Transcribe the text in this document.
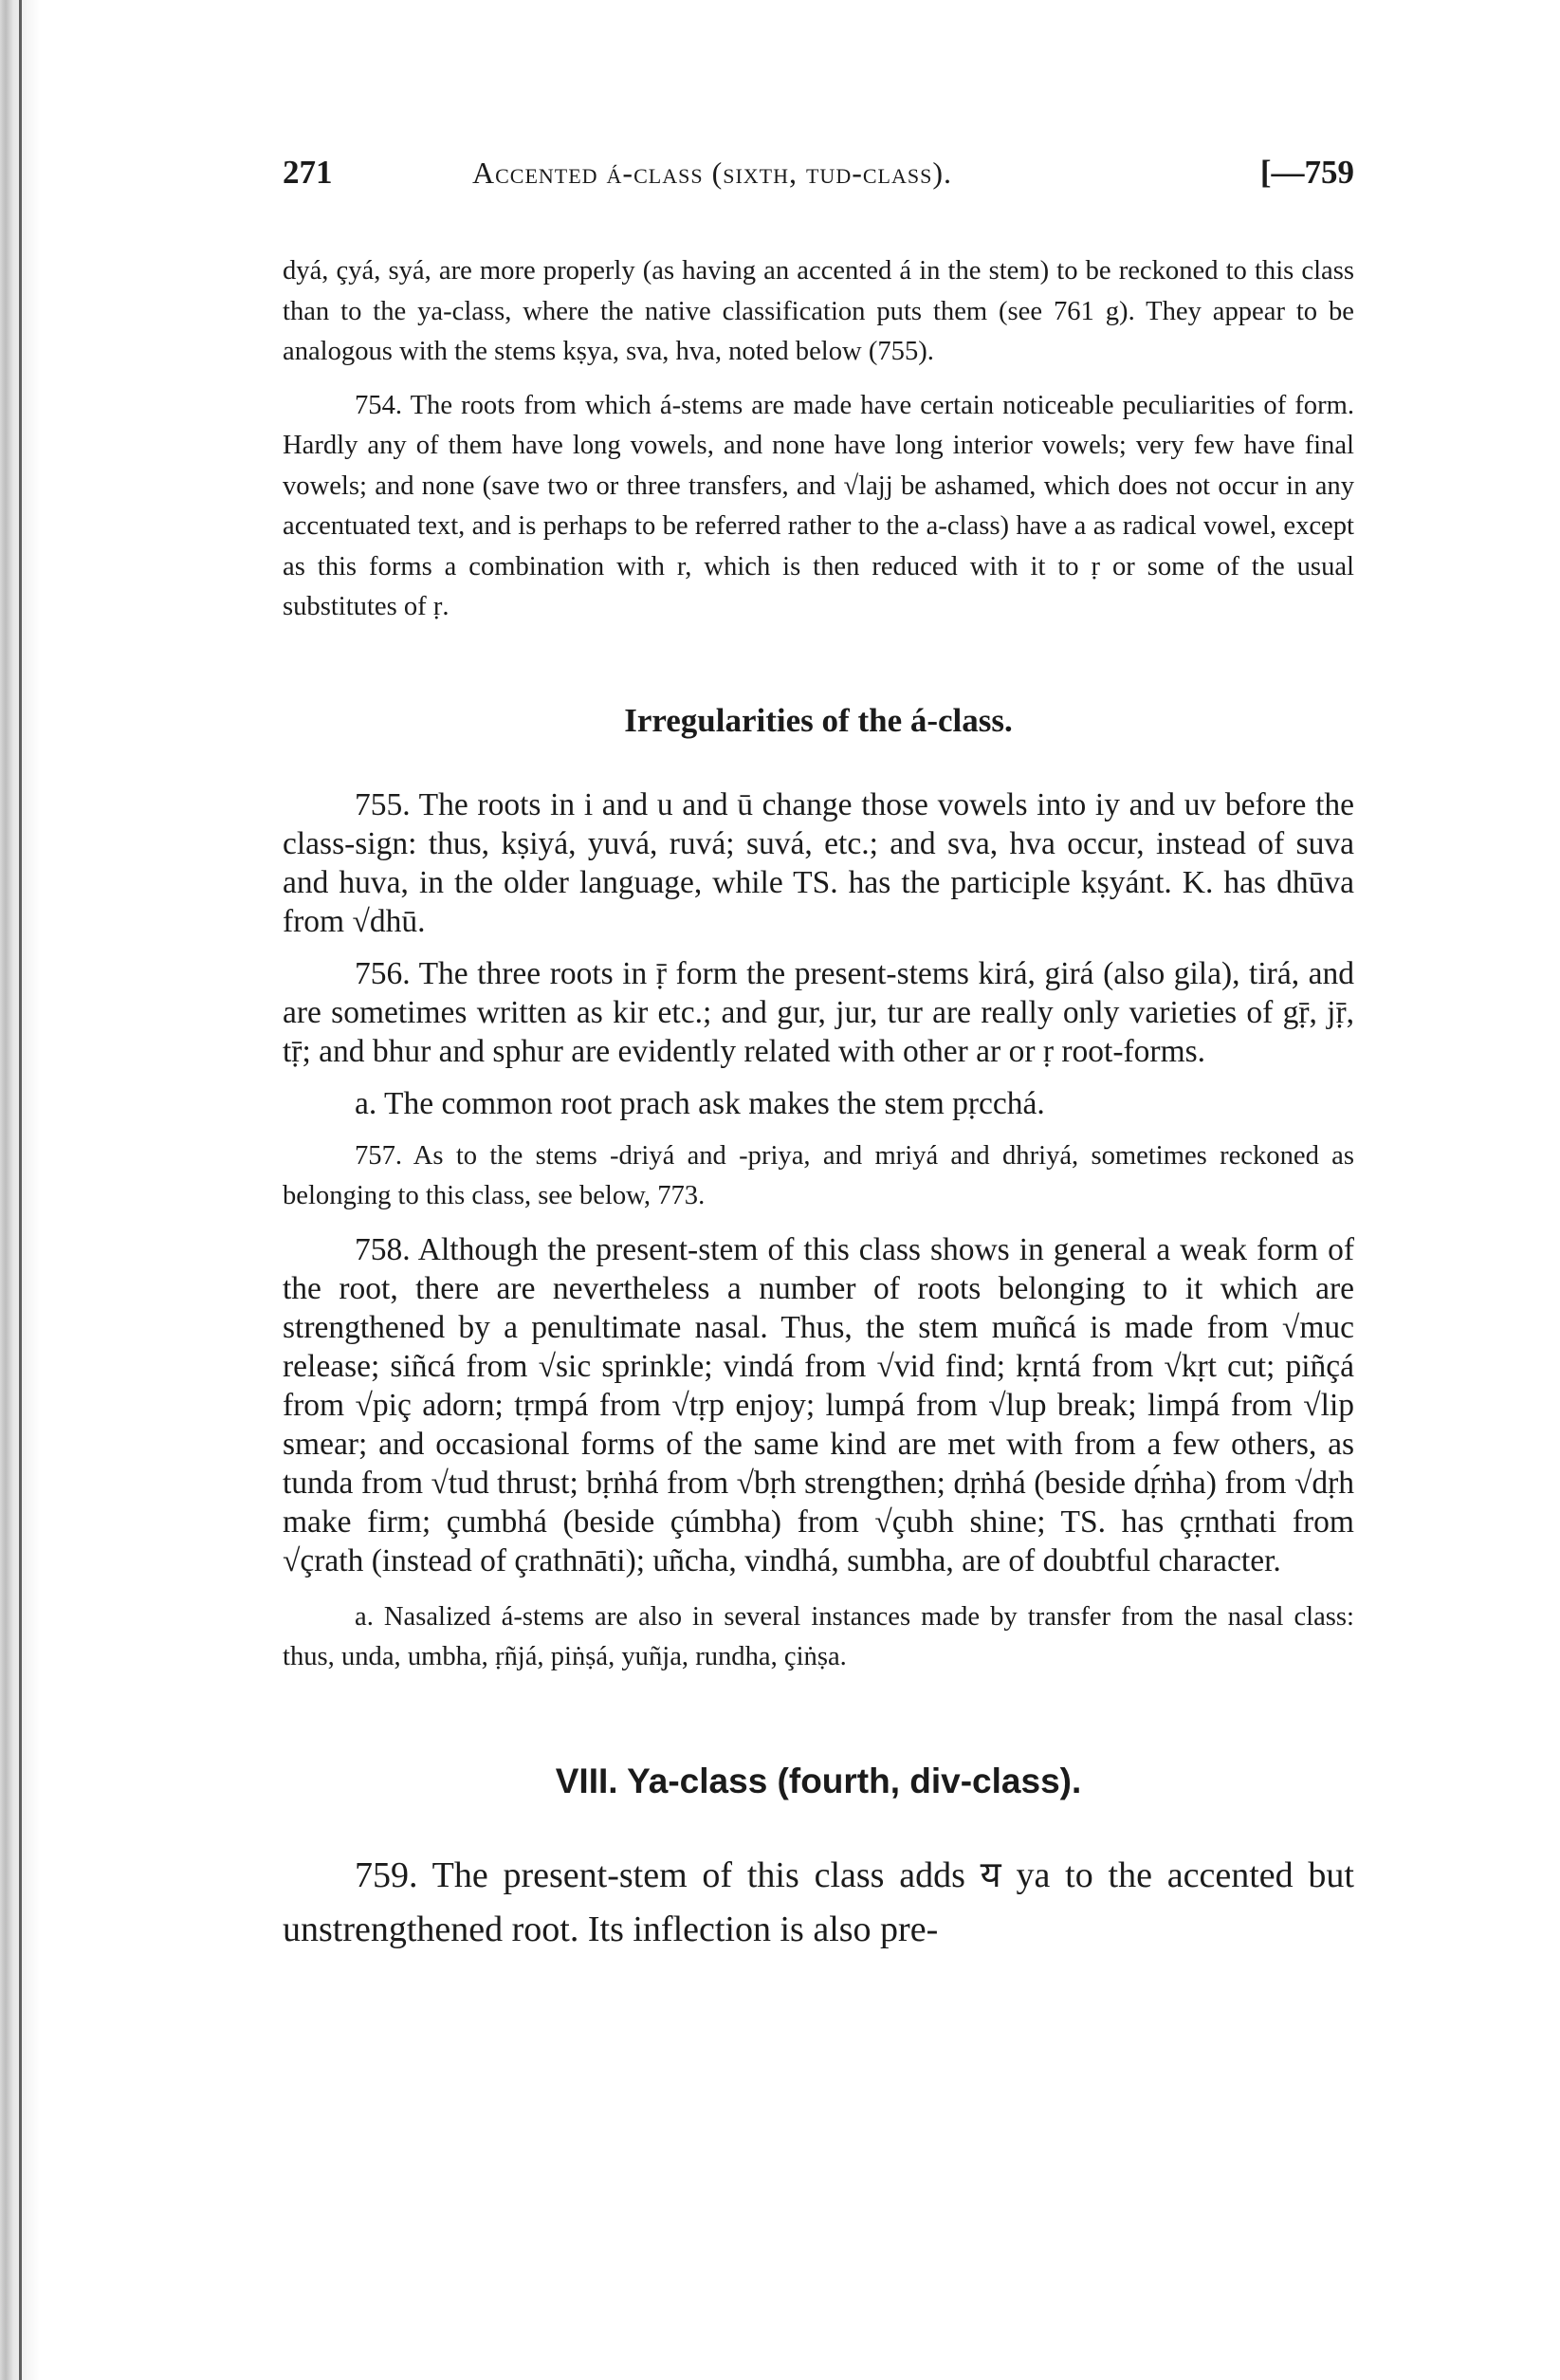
271	Accented á-class (sixth, tud-class).	[—759

dyá, çyá, syá, are more properly (as having an accented á in the stem) to be reckoned to this class than to the ya-class, where the native classification puts them (see 761 g). They appear to be analogous with the stems kṣya, sva, hva, noted below (755).

754. The roots from which á-stems are made have certain noticeable peculiarities of form. Hardly any of them have long vowels, and none have long interior vowels; very few have final vowels; and none (save two or three transfers, and √lajj be ashamed, which does not occur in any accentuated text, and is perhaps to be referred rather to the a-class) have a as radical vowel, except as this forms a combination with r, which is then reduced with it to ṛ or some of the usual substitutes of ṛ.

Irregularities of the á-class.

755. The roots in i and u and ū change those vowels into iy and uv before the class-sign: thus, kṣiyá, yuvá, ruvá; suvá, etc.; and sva, hva occur, instead of suva and huva, in the older language, while TS. has the participle kṣyánt. K. has dhūva from √dhū.

756. The three roots in ṝ form the present-stems kirá, girá (also gila), tirá, and are sometimes written as kir etc.; and gur, jur, tur are really only varieties of gṝ, jṝ, tṝ; and bhur and sphur are evidently related with other ar or ṛ root-forms.

a. The common root prach ask makes the stem pṛcchá.

757. As to the stems -driyá and -priya, and mriyá and dhriyá, sometimes reckoned as belonging to this class, see below, 773.

758. Although the present-stem of this class shows in general a weak form of the root, there are nevertheless a number of roots belonging to it which are strengthened by a penultimate nasal. Thus, the stem muñcá is made from √muc release; siñcá from √sic sprinkle; vindá from √vid find; kṛntá from √kṛt cut; piñçá from √piç adorn; tṛmpá from √tṛp enjoy; lumpá from √lup break; limpá from √lip smear; and occasional forms of the same kind are met with from a few others, as tunda from √tud thrust; bṛṅhá from √bṛh strengthen; dṛṅhá (beside dṛ́ṅha) from √dṛh make firm; çumbhá (beside çúmbha) from √çubh shine; TS. has çṛnthati from √çrath (instead of çrathnāti); uñcha, vindhá, sumbha, are of doubtful character.

a. Nasalized á-stems are also in several instances made by transfer from the nasal class: thus, unda, umbha, ṛñjá, piṅṣá, yuñja, rundha, çiṅṣa.

VIII. Ya-class (fourth, div-class).

759. The present-stem of this class adds य ya to the accented but unstrengthened root. Its inflection is also pre-
